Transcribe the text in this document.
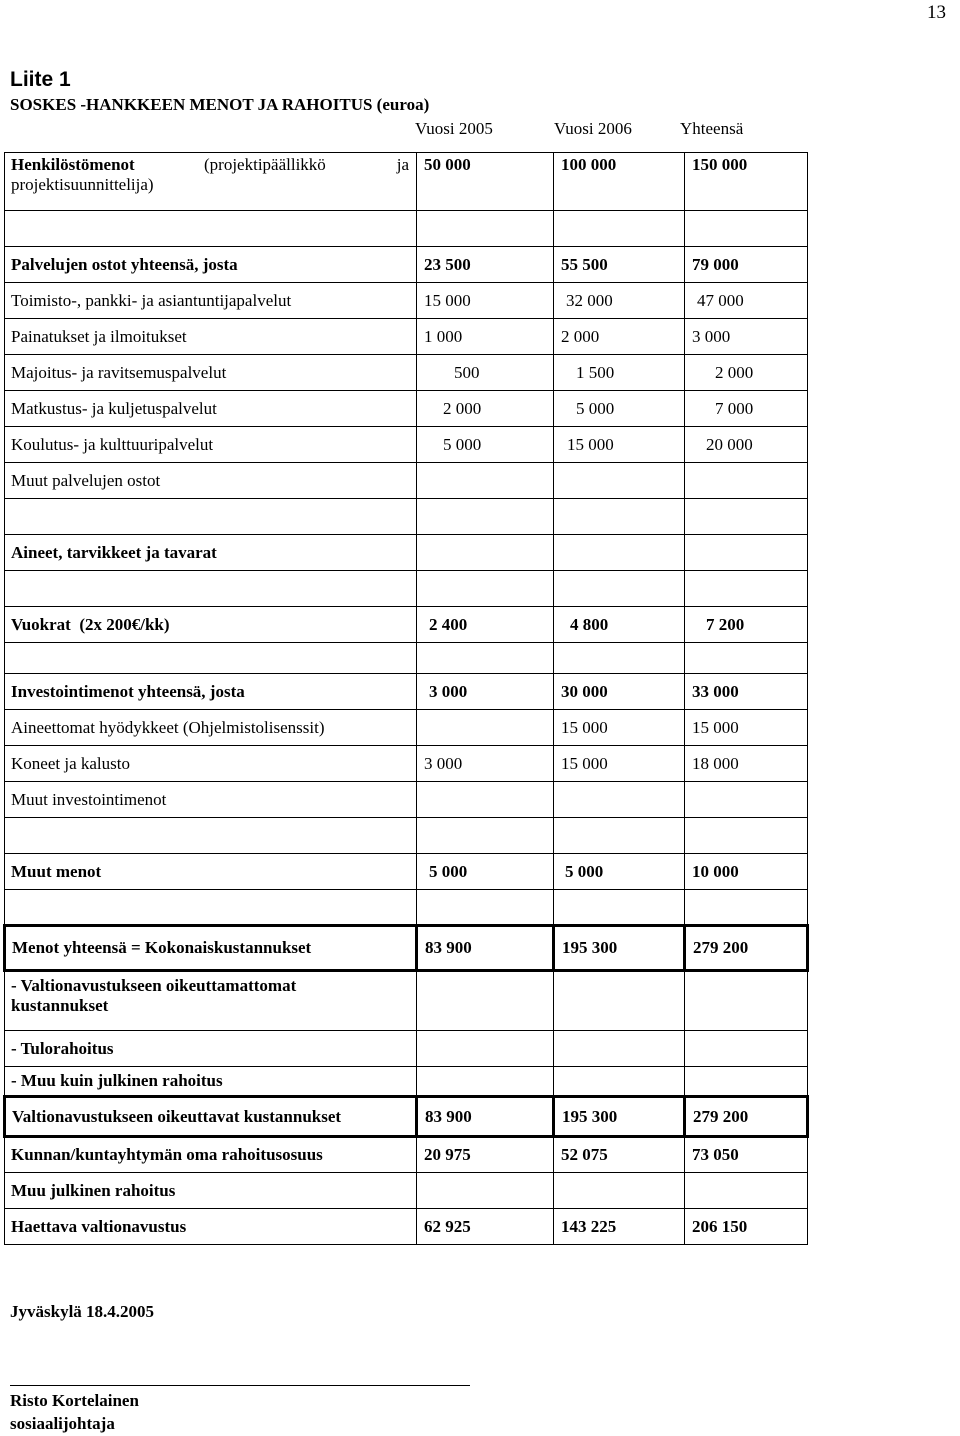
13
Liite 1
SOSKES -HANKKEEN MENOT JA RAHOITUS (euroa)
Vuosi 2005	Vuosi 2006	Yhteensä
Henkilöstömenot (projektipäällikkö ja
projektisuunnittelija)	50 000	100 000	150 000

Palvelujen ostot yhteensä, josta	23 500	55 500	79 000
Toimisto-, pankki- ja asiantuntijapalvelut	15 000	32 000	47 000
Painatukset ja ilmoitukset	1 000	2 000	3 000
Majoitus- ja ravitsemuspalvelut	500	1 500	2 000
Matkustus- ja kuljetuspalvelut	2 000	5 000	7 000
Koulutus- ja kulttuuripalvelut	5 000	15 000	20 000
Muut palvelujen ostot			

Aineet, tarvikkeet ja tavarat			

Vuokrat  (2x 200€/kk)	2 400	4 800	7 200

Investointimenot yhteensä, josta	3 000	30 000	33 000
Aineettomat hyödykkeet (Ohjelmistolisenssit)		15 000	15 000
Koneet ja kalusto	3 000	15 000	18 000
Muut investointimenot			

Muut menot	5 000	5 000	10 000

Menot yhteensä = Kokonaiskustannukset	83 900	195 300	279 200

- Valtionavustukseen oikeuttamattomat
kustannukset			

- Tulorahoitus			
- Muu kuin julkinen rahoitus			
Valtionavustukseen oikeuttavat kustannukset	83 900	195 300	279 200
Kunnan/kuntayhtymän oma rahoitusosuus	20 975	52 075	73 050
Muu julkinen rahoitus			
Haettava valtionavustus	62 925	143 225	206 150
Jyväskylä 18.4.2005
Risto Kortelainen
sosiaalijohtaja
